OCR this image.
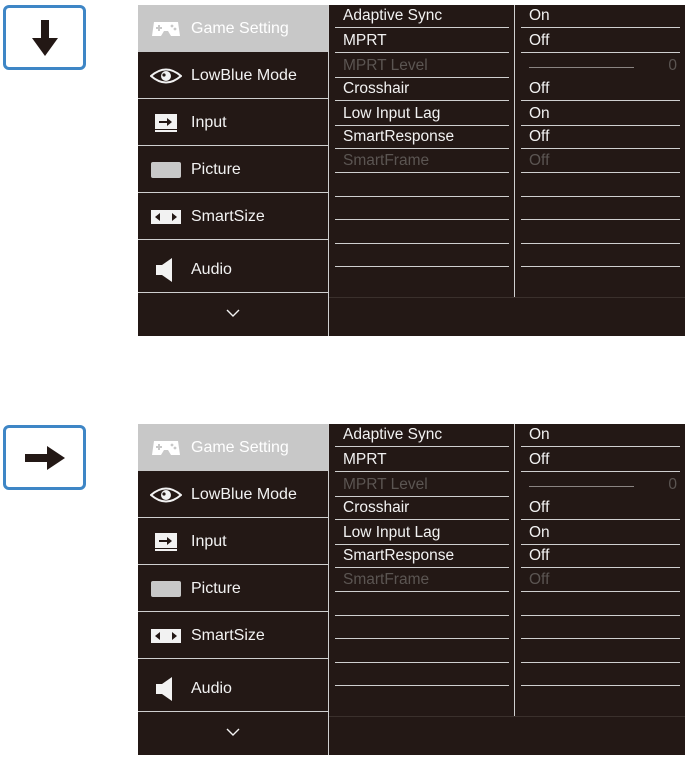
Game Setting
LowBlue Mode
Input
Picture
SmartSize
Audio
Adaptive Sync
MPRT
MPRT Level
Crosshair
Low Input Lag
SmartResponse
SmartFrame
On
Off
0
Off
On
Off
Off
Game Setting
LowBlue Mode
Input
Picture
SmartSize
Audio
Adaptive Sync
MPRT
MPRT Level
Crosshair
Low Input Lag
SmartResponse
SmartFrame
On
Off
0
Off
On
Off
Off
